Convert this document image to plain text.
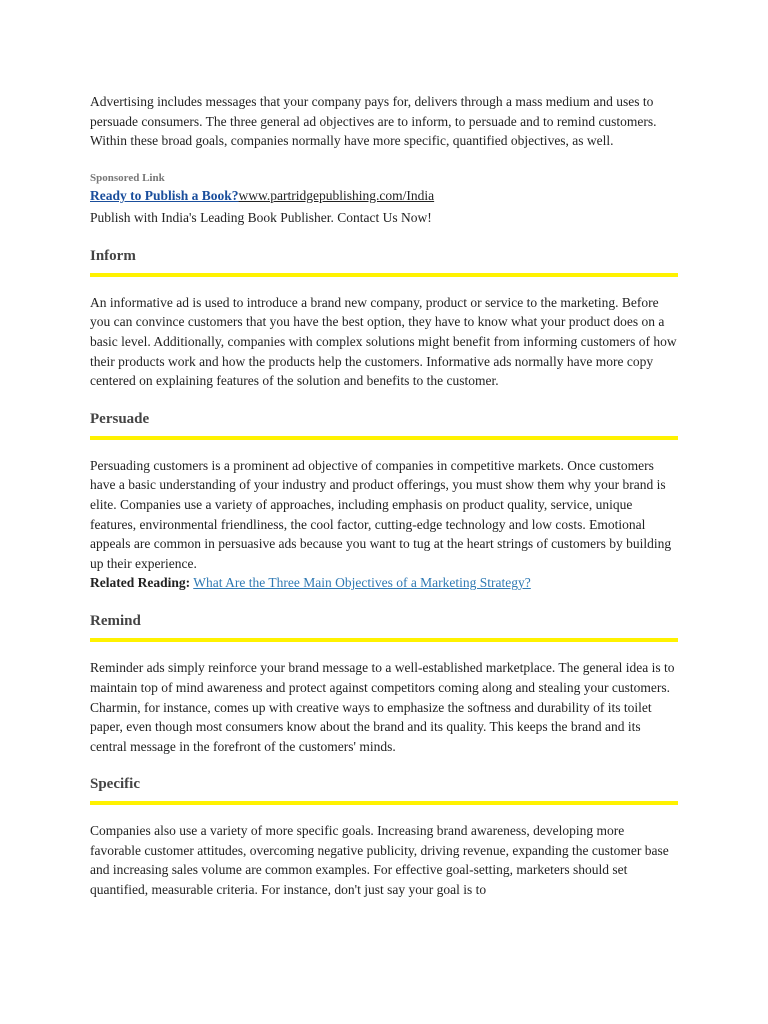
Advertising includes messages that your company pays for, delivers through a mass medium and uses to persuade consumers. The three general ad objectives are to inform, to persuade and to remind customers. Within these broad goals, companies normally have more specific, quantified objectives, as well.

Sponsored Link
Ready to Publish a Book?www.partridgepublishing.com/India
Publish with India's Leading Book Publisher. Contact Us Now!
Inform

An informative ad is used to introduce a brand new company, product or service to the marketing. Before you can convince customers that you have the best option, they have to know what your product does on a basic level. Additionally, companies with complex solutions might benefit from informing customers of how their products work and how the products help the customers. Informative ads normally have more copy centered on explaining features of the solution and benefits to the customer.

Persuade

Persuading customers is a prominent ad objective of companies in competitive markets. Once customers have a basic understanding of your industry and product offerings, you must show them why your brand is elite. Companies use a variety of approaches, including emphasis on product quality, service, unique features, environmental friendliness, the cool factor, cutting-edge technology and low costs. Emotional appeals are common in persuasive ads because you want to tug at the heart strings of customers by building up their experience.

Related Reading: What Are the Three Main Objectives of a Marketing Strategy?
Remind

Reminder ads simply reinforce your brand message to a well-established marketplace. The general idea is to maintain top of mind awareness and protect against competitors coming along and stealing your customers. Charmin, for instance, comes up with creative ways to emphasize the softness and durability of its toilet paper, even though most consumers know about the brand and its quality. This keeps the brand and its central message in the forefront of the customers' minds.

Specific

Companies also use a variety of more specific goals. Increasing brand awareness, developing more favorable customer attitudes, overcoming negative publicity, driving revenue, expanding the customer base and increasing sales volume are common examples. For effective goal-setting, marketers should set quantified, measurable criteria. For instance, don't just say your goal is to
